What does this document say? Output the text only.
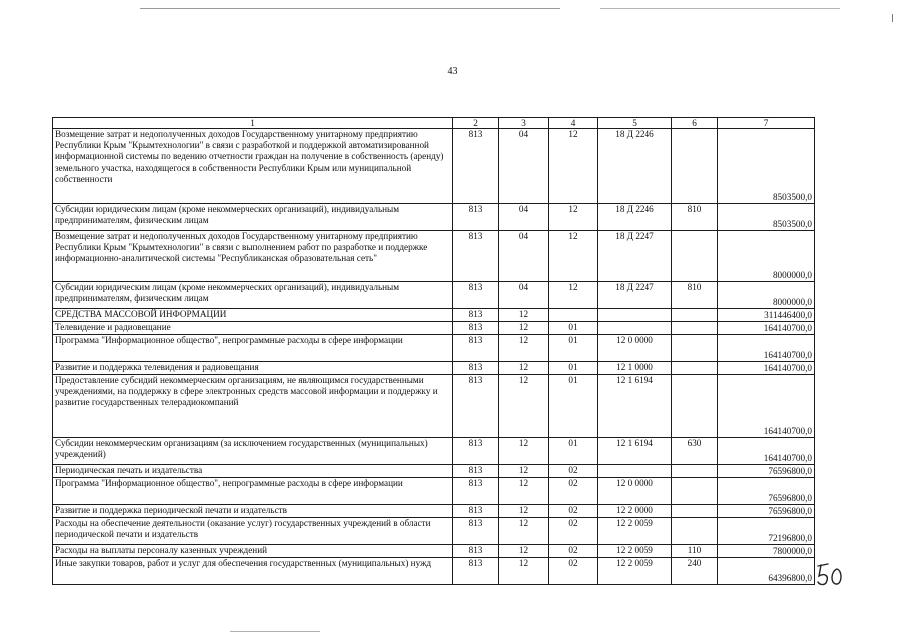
43
1	2	3	4	5	6	7
Возмещение затрат и недополученных доходов Государственному унитарному предприятию Республики Крым "Крымтехнологии" в связи с разработкой и поддержкой автоматизированной информационной системы по ведению отчетности граждан на получение в собственность (аренду) земельного участка, находящегося в собственности Республики Крым или муниципальной собственности	813	04	12	18 Д 2246		8503500,0
Субсидии юридическим лицам (кроме некоммерческих организаций), индивидуальным предпринимателям, физическим лицам	813	04	12	18 Д 2246	810	8503500,0
Возмещение затрат и недополученных доходов Государственному унитарному предприятию Республики Крым "Крымтехнологии" в связи с выполнением работ по разработке и поддержке информационно-аналитической системы "Республиканская образовательная сеть"	813	04	12	18 Д 2247		8000000,0
Субсидии юридическим лицам (кроме некоммерческих организаций), индивидуальным предпринимателям, физическим лицам	813	04	12	18 Д 2247	810	8000000,0
СРЕДСТВА МАССОВОЙ ИНФОРМАЦИИ	813	12				311446400,0
Телевидение и радиовещание	813	12	01			164140700,0
Программа "Информационное общество", непрограммные расходы в сфере информации	813	12	01	12 0 0000		164140700,0
Развитие и поддержка телевидения и радиовещания	813	12	01	12 1 0000		164140700,0
Предоставление субсидий некоммерческим организациям, не являющимся государственными учреждениями, на поддержку в сфере электронных средств массовой информации и поддержку и развитие государственных телерадиокомпаний	813	12	01	12 1 6194		164140700,0
Субсидии некоммерческим организациям (за исключением государственных (муниципальных) учреждений)	813	12	01	12 1 6194	630	164140700,0
Периодическая печать и издательства	813	12	02			76596800,0
Программа "Информационное общество", непрограммные расходы в сфере информации	813	12	02	12 0 0000		76596800,0
Развитие и поддержка периодической печати и издательств	813	12	02	12 2 0000		76596800,0
Расходы на обеспечение деятельности (оказание услуг) государственных учреждений в области периодической печати и издательств	813	12	02	12 2 0059		72196800,0
Расходы на выплаты персоналу казенных учреждений	813	12	02	12 2 0059	110	7800000,0
Иные закупки товаров, работ и услуг для обеспечения государственных (муниципальных) нужд	813	12	02	12 2 0059	240	64396800,0
